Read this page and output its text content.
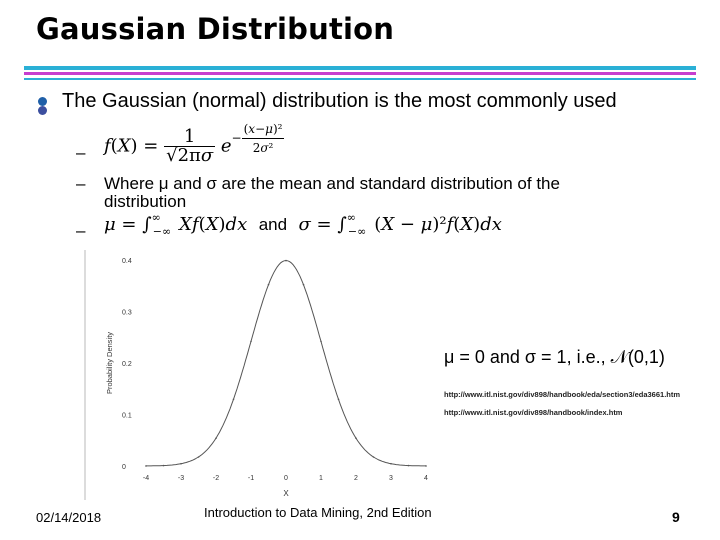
Gaussian Distribution
The Gaussian (normal) distribution is the most commonly used
– $f(X) = \frac{1}{√2\pi\sigma} e^{- \frac{\text{(x−μ)²}}{\text{2σ²}}}$
– Where μ and σ are the mean and standard distribution of the
distribution
– $\mu = \int^\infty_{-\infty}$ Xf(X)dx and $\sigma = \int^\infty_{-\infty}$ (X − μ)²f(X)dx
0
0.1
0.2
0.3
0.4
-4	-3	-2	-1	0	1	2	3	4
X
Probability Density	μ = 0 and σ = 1, i.e., 𝒩(0,1)
http://www.itl.nist.gov/div898/handbook/eda/section3/eda3661.htm
http://www.itl.nist.gov/div898/handbook/index.htm
02/14/2018	Introduction to Data Mining, 2nd Edition	9
